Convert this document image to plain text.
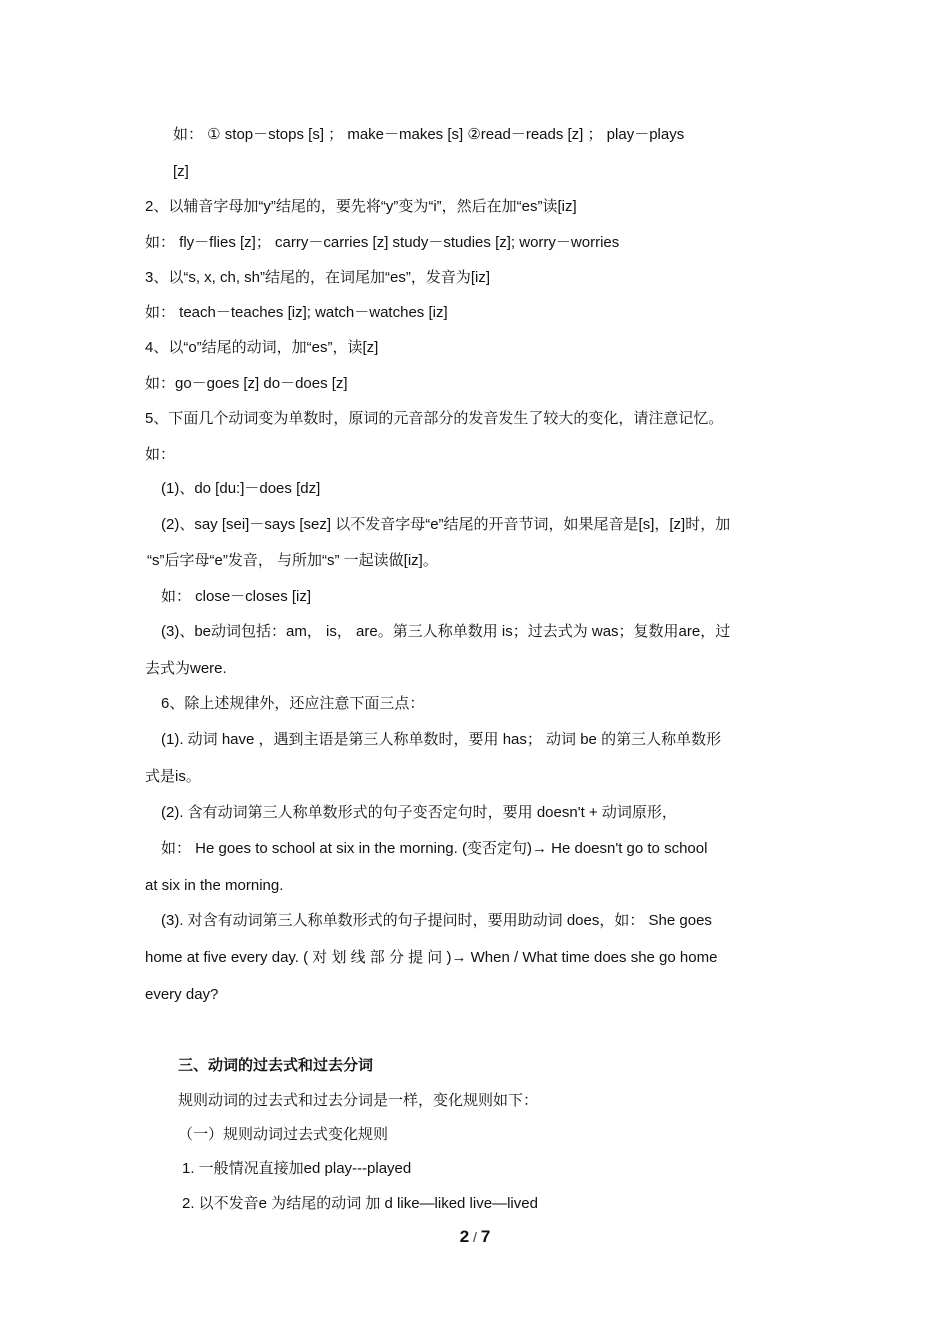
如： ① stop－stops [s] ； make－makes [s] ②read－reads [z] ； play－plays
[z]
2、以辅音字母加“y”结尾的，要先将“y”变为“i”，然后在加“es”读[iz]
如： fly－flies [z]； carry－carries [z] study－studies [z]; worry－worries
3、以“s, x, ch, sh”结尾的，在词尾加“es”，发音为[iz]
如： teach－teaches [iz]; watch－watches [iz]
4、以“o”结尾的动词，加“es”，读[z]
如：go－goes [z] do－does [z]
5、下面几个动词变为单数时，原词的元音部分的发音发生了较大的变化，请注意记忆。
如：
(1)、do [du:]－does [dz]
(2)、say [sei]－says [sez] 以不发音字母“e”结尾的开音节词，如果尾音是[s]，[z]时，加
“s”后字母“e”发音， 与所加“s” 一起读做[iz]。
如： close－closes [iz]
(3)、be动词包括：am， is， are。第三人称单数用 is；过去式为 was；复数用are，过
去式为were.
6、除上述规律外，还应注意下面三点：
(1). 动词 have ，遇到主语是第三人称单数时，要用 has； 动词 be 的第三人称单数形
式是is。
(2). 含有动词第三人称单数形式的句子变否定句时，要用 doesn't + 动词原形，
如： He goes to school at six in the morning. (变否定句)→ He doesn't go to school
at six in the morning.
(3). 对含有动词第三人称单数形式的句子提问时，要用助动词 does，如： She goes
home at five every day. ( 对 划 线 部 分 提 问 )→ When / What time does she go home
every day?
三、动词的过去式和过去分词
规则动词的过去式和过去分词是一样，变化规则如下：
（一）规则动词过去式变化规则
1. 一般情况直接加ed play---played
2. 以不发音e 为结尾的动词 加 d like—liked live—lived
2 / 7
